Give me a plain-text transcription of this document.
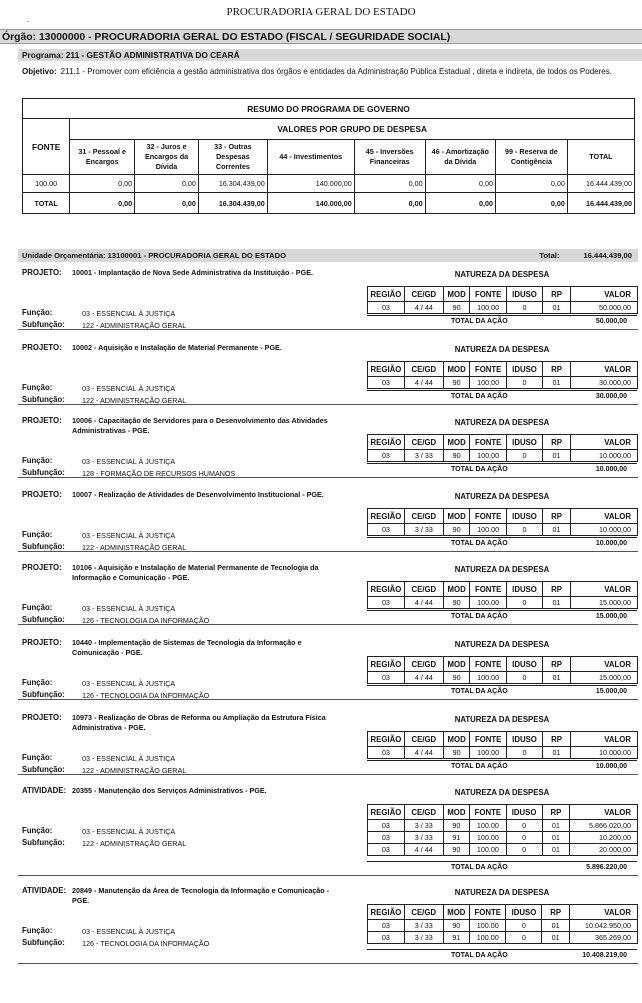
PROCURADORIA GERAL DO ESTADO
-
Órgão: 13000000 - PROCURADORIA GERAL DO ESTADO (FISCAL / SEGURIDADE SOCIAL)
Programa: 211 - GESTÃO ADMINISTRATIVA DO CEARÁ
Objetivo: 211.1 - Promover com eficiência a gestão administrativa dos órgãos e entidades da Administração Pública Estadual , direta e indireta, de todos os Poderes.
RESUMO DO PROGRAMA DE GOVERNO								
FONTE	VALORES POR GRUPO DE DESPESA							
	31 - Pessoal e Encargos	32 - Juros e Encargos da Dívida	33 - Outras Despesas Correntes	44 - Investimentos	45 - Inversões Financeiras	46 - Amortização da Dívida	99 - Reserva de Contigência	TOTAL
100.00	0,00	0,00	16.304.439,00	140.000,00	0,00	0,00	0,00	16.444.439,00
TOTAL	0,00	0,00	16.304.439,00	140.000,00	0,00	0,00	0,00	16.444.439,00
Unidade Orçamentária: 13100001 - PROCURADORIA GERAL DO ESTADO	Total:	16.444.439,00
PROJETO: 10001 - Implantação de Nova Sede Administrativa da Instituição - PGE.	NATUREZA DA DESPESA
REGIÃO	CE/GD	MOD	FONTE	IDUSO	RP	VALOR
03	4 / 44	90	100.00	0	01	50.000,00
Função:	03 - ESSENCIAL À JUSTIÇA
Subfunção: 122 - ADMINISTRAÇÃO GERAL	TOTAL DA AÇÃO	50.000,00
PROJETO: 10002 - Aquisição e Instalação de Material Permanente - PGE.	NATUREZA DA DESPESA
REGIÃO	CE/GD	MOD	FONTE	IDUSO	RP	VALOR
03	4 / 44	90	100.00	0	01	30.000,00
Função:	03 - ESSENCIAL À JUSTIÇA
Subfunção: 122 - ADMINISTRAÇÃO GERAL	TOTAL DA AÇÃO	30.000,00
PROJETO: 10006 - Capacitação de Servidores para o Desenvolvimento das Atividades Administrativas - PGE.
NATUREZA DA DESPESA
REGIÃO	CE/GD	MOD	FONTE	IDUSO	RP	VALOR
03	3 / 33	90	100.00	0	01	10.000,00
Função:	03 - ESSENCIAL À JUSTIÇA
Subfunção: 128 - FORMAÇÃO DE RECURSOS HUMANOS	TOTAL DA AÇÃO	10.000,00
PROJETO: 10007 - Realização de Atividades de Desenvolvimento Institucional - PGE.	NATUREZA DA DESPESA
REGIÃO	CE/GD	MOD	FONTE	IDUSO	RP	VALOR
03	3 / 33	90	100.00	0	01	10.000,00
Função:	03 - ESSENCIAL À JUSTIÇA
Subfunção: 122 - ADMINISTRAÇÃO GERAL	TOTAL DA AÇÃO	10.000,00
PROJETO: 10106 - Aquisição e Instalação de Material Permanente de Tecnologia da Informação e Comunicação - PGE.
NATUREZA DA DESPESA
REGIÃO	CE/GD	MOD	FONTE	IDUSO	RP	VALOR
03	4 / 44	90	100.00	0	01	15.000,00
Função:	03 - ESSENCIAL À JUSTIÇA
Subfunção: 126 - TECNOLOGIA DA INFORMAÇÃO	TOTAL DA AÇÃO	15.000,00
PROJETO: 10440 - Implementação de Sistemas de Tecnologia da Informação e Comunicação - PGE.
NATUREZA DA DESPESA
REGIÃO	CE/GD	MOD	FONTE	IDUSO	RP	VALOR
03	4 / 44	90	100.00	0	01	15.000,00
Função:	03 - ESSENCIAL À JUSTIÇA
Subfunção: 126 - TECNOLOGIA DA INFORMAÇÃO	TOTAL DA AÇÃO	15.000,00
PROJETO: 10973 - Realização de Obras de Reforma ou Ampliação da Estrutura Física Administrativa - PGE.
NATUREZA DA DESPESA
REGIÃO	CE/GD	MOD	FONTE	IDUSO	RP	VALOR
03	4 / 44	90	100.00	0	01	10.000,00
Função:	03 - ESSENCIAL À JUSTIÇA
Subfunção: 122 - ADMINISTRAÇÃO GERAL	TOTAL DA AÇÃO	10.000,00
ATIVIDADE: 20355 - Manutenção dos Serviços Administrativos - PGE.	NATUREZA DA DESPESA
REGIÃO	CE/GD	MOD	FONTE	IDUSO	RP	VALOR
03	3 / 33	90	100.00	0	01	5.866.020,00
03	3 / 33	91	100.00	0	01	10.200,00
03	4 / 44	90	100.00	0	01	20.000,00
Função:	03 - ESSENCIAL À JUSTIÇA
Subfunção: 122 - ADMINISTRAÇÃO GERAL
TOTAL DA AÇÃO	5.896.220,00
ATIVIDADE: 20849 - Manutenção da Área de Tecnologia da Informação e Comunicação - PGE.
NATUREZA DA DESPESA
REGIÃO	CE/GD	MOD	FONTE	IDUSO	RP	VALOR
03	3 / 33	90	100.00	0	01	10.042.950,00
03	3 / 33	91	100.00	0	01	365.269,00
Função:	03 - ESSENCIAL À JUSTIÇA
Subfunção: 126 - TECNOLOGIA DA INFORMAÇÃO
TOTAL DA AÇÃO	10.408.219,00
